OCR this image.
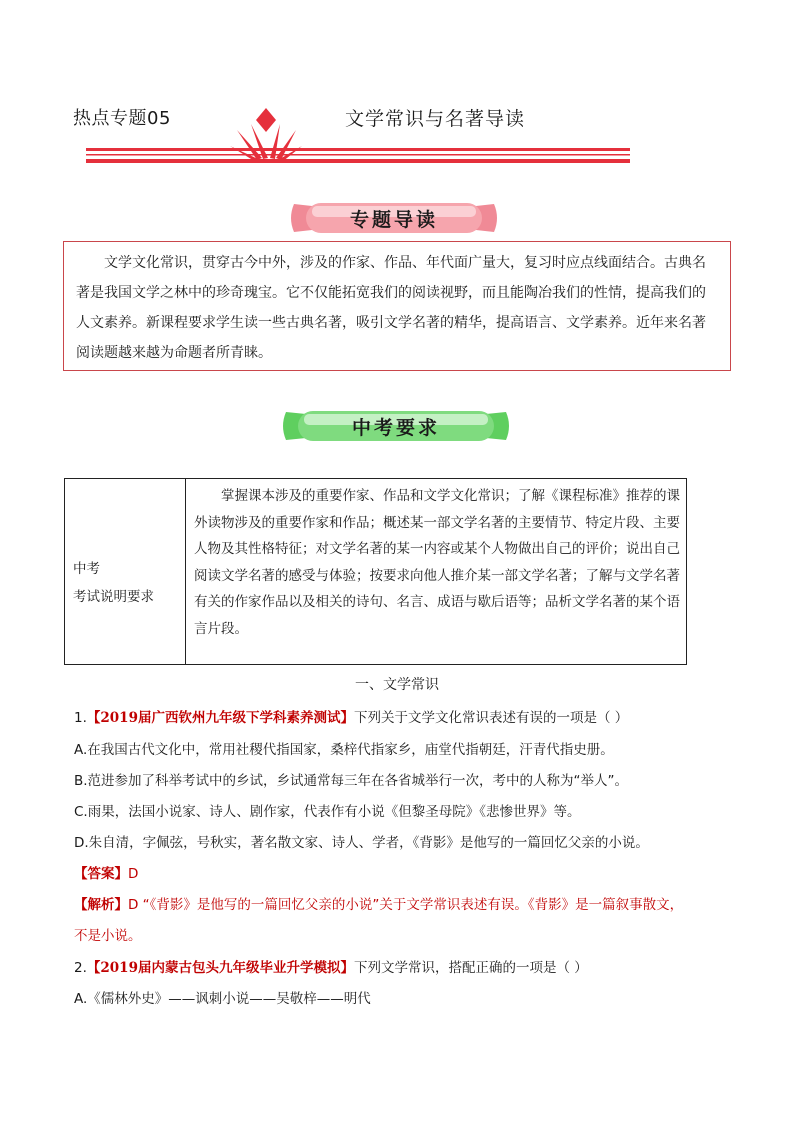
热点专题05	文学常识与名著导读
专题导读
文学文化常识，贯穿古今中外，涉及的作家、作品、年代面广量大，复习时应点线面结合。古典名著是我国文学之林中的珍奇瑰宝。它不仅能拓宽我们的阅读视野，而且能陶冶我们的性情，提高我们的人文素养。新课程要求学生读一些古典名著，吸引文学名著的精华，提高语言、文学素养。近年来名著阅读题越来越为命题者所青睐。
中考要求
中考
考试说明要求
掌握课本涉及的重要作家、作品和文学文化常识；了解《课程标准》推荐的课外读物涉及的重要作家和作品；概述某一部文学名著的主要情节、特定片段、主要人物及其性格特征；对文学名著的某一内容或某个人物做出自己的评价；说出自己阅读文学名著的感受与体验；按要求向他人推介某一部文学名著；了解与文学名著有关的作家作品以及相关的诗句、名言、成语与歇后语等；品析文学名著的某个语言片段。
一、文学常识
1.【2019届广西钦州九年级下学科素养测试】下列关于文学文化常识表述有误的一项是（ ）
A.在我国古代文化中，常用社稷代指国家，桑梓代指家乡，庙堂代指朝廷，汗青代指史册。
B.范进参加了科举考试中的乡试，乡试通常每三年在各省城举行一次，考中的人称为“举人”。
C.雨果，法国小说家、诗人、剧作家，代表作有小说《但黎圣母院》《悲惨世界》等。
D.朱自清，字佩弦，号秋实，著名散文家、诗人、学者，《背影》是他写的一篇回忆父亲的小说。
【答案】D
【解析】D “《背影》是他写的一篇回忆父亲的小说”关于文学常识表述有误。《背影》是一篇叙事散文，
不是小说。
2.【2019届内蒙古包头九年级毕业升学模拟】下列文学常识，搭配正确的一项是（ ）
A.《儒林外史》——讽刺小说——吴敬梓——明代
